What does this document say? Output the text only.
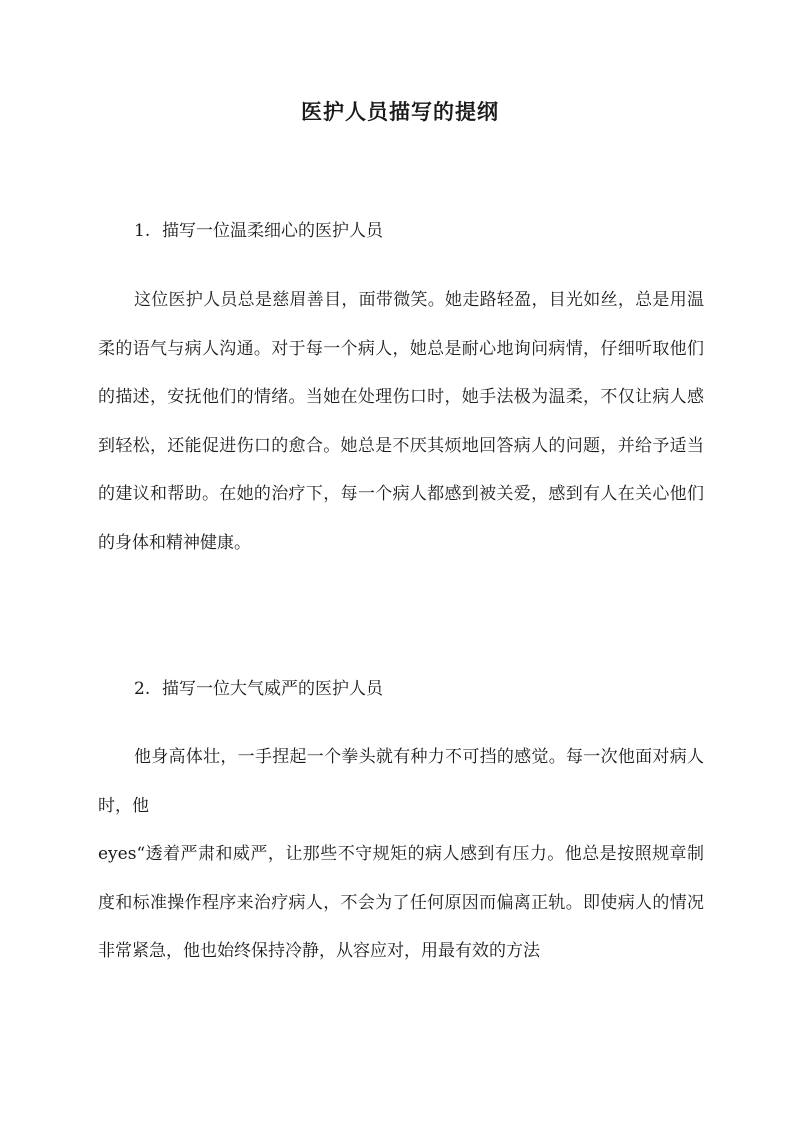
医护人员描写的提纲
1. 描写一位温柔细心的医护人员
这位医护人员总是慈眉善目，面带微笑。她走路轻盈，目光如丝，总是用温柔的语气与病人沟通。对于每一个病人，她总是耐心地询问病情，仔细听取他们的描述，安抚他们的情绪。当她在处理伤口时，她手法极为温柔，不仅让病人感到轻松，还能促进伤口的愈合。她总是不厌其烦地回答病人的问题，并给予适当的建议和帮助。在她的治疗下，每一个病人都感到被关爱，感到有人在关心他们的身体和精神健康。
2. 描写一位大气威严的医护人员
他身高体壮，一手捏起一个拳头就有种力不可挡的感觉。每一次他面对病人时，他
eyes“透着严肃和威严，让那些不守规矩的病人感到有压力。他总是按照规章制度和标准操作程序来治疗病人，不会为了任何原因而偏离正轨。即使病人的情况非常紧急，他也始终保持冷静，从容应对，用最有效的方法
